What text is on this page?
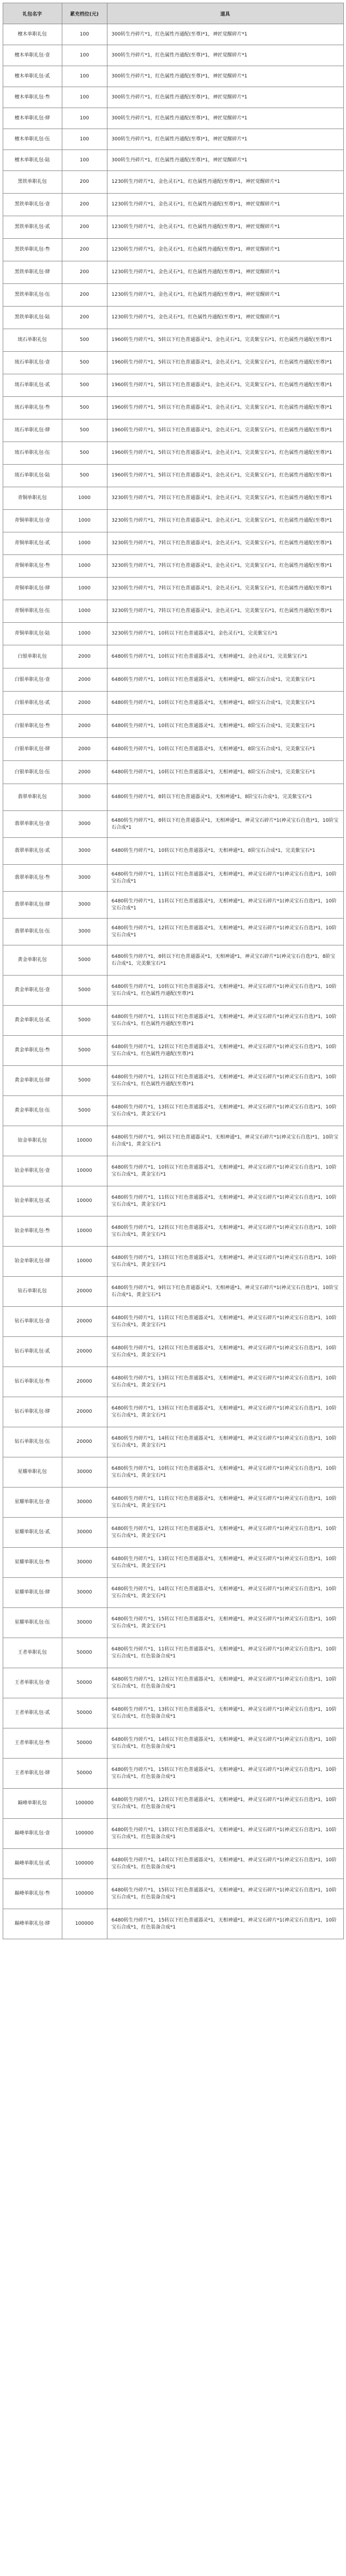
礼包名字	累充档位(元)	道具
檀木单职礼包	100	300转生丹碎片*1，红色属性丹通配(至尊)*1，神匠觉醒碎片*1
檀木单职礼包·壹	100	300转生丹碎片*1，红色属性丹通配(至尊)*1，神匠觉醒碎片*1
檀木单职礼包·贰	100	300转生丹碎片*1，红色属性丹通配(至尊)*1，神匠觉醒碎片*1
檀木单职礼包·叁	100	300转生丹碎片*1，红色属性丹通配(至尊)*1，神匠觉醒碎片*1
檀木单职礼包·肆	100	300转生丹碎片*1，红色属性丹通配(至尊)*1，神匠觉醒碎片*1
檀木单职礼包·伍	100	300转生丹碎片*1，红色属性丹通配(至尊)*1，神匠觉醒碎片*1
檀木单职礼包·陆	100	300转生丹碎片*1，红色属性丹通配(至尊)*1，神匠觉醒碎片*1
黑铁单职礼包	200	1230转生丹碎片*1，金色灵石*1，红色属性丹通配(至尊)*1，神匠觉醒碎片*1
黑铁单职礼包·壹	200	1230转生丹碎片*1，金色灵石*1，红色属性丹通配(至尊)*1，神匠觉醒碎片*1
黑铁单职礼包·贰	200	1230转生丹碎片*1，金色灵石*1，红色属性丹通配(至尊)*1，神匠觉醒碎片*1
黑铁单职礼包·叁	200	1230转生丹碎片*1，金色灵石*1，红色属性丹通配(至尊)*1，神匠觉醒碎片*1
黑铁单职礼包·肆	200	1230转生丹碎片*1，金色灵石*1，红色属性丹通配(至尊)*1，神匠觉醒碎片*1
黑铁单职礼包·伍	200	1230转生丹碎片*1，金色灵石*1，红色属性丹通配(至尊)*1，神匠觉醒碎片*1
黑铁单职礼包·陆	200	1230转生丹碎片*1，金色灵石*1，红色属性丹通配(至尊)*1，神匠觉醒碎片*1
琉石单职礼包	500	1960转生丹碎片*1，5转以下红色普通器灵*1，金色灵石*1，完美紫宝石*1，红色属性丹通配(至尊)*1
琉石单职礼包·壹	500	1960转生丹碎片*1，5转以下红色普通器灵*1，金色灵石*1，完美紫宝石*1，红色属性丹通配(至尊)*1
琉石单职礼包·贰	500	1960转生丹碎片*1，5转以下红色普通器灵*1，金色灵石*1，完美紫宝石*1，红色属性丹通配(至尊)*1
琉石单职礼包·叁	500	1960转生丹碎片*1，5转以下红色普通器灵*1，金色灵石*1，完美紫宝石*1，红色属性丹通配(至尊)*1
琉石单职礼包·肆	500	1960转生丹碎片*1，5转以下红色普通器灵*1，金色灵石*1，完美紫宝石*1，红色属性丹通配(至尊)*1
琉石单职礼包·伍	500	1960转生丹碎片*1，5转以下红色普通器灵*1，金色灵石*1，完美紫宝石*1，红色属性丹通配(至尊)*1
琉石单职礼包·陆	500	1960转生丹碎片*1，5转以下红色普通器灵*1，金色灵石*1，完美紫宝石*1，红色属性丹通配(至尊)*1
青铜单职礼包	1000	3230转生丹碎片*1，7转以下红色普通器灵*1，金色灵石*1，完美紫宝石*1，红色属性丹通配(至尊)*1
青铜单职礼包·壹	1000	3230转生丹碎片*1，7转以下红色普通器灵*1，金色灵石*1，完美紫宝石*1，红色属性丹通配(至尊)*1
青铜单职礼包·贰	1000	3230转生丹碎片*1，7转以下红色普通器灵*1，金色灵石*1，完美紫宝石*1，红色属性丹通配(至尊)*1
青铜单职礼包·叁	1000	3230转生丹碎片*1，7转以下红色普通器灵*1，金色灵石*1，完美紫宝石*1，红色属性丹通配(至尊)*1
青铜单职礼包·肆	1000	3230转生丹碎片*1，7转以下红色普通器灵*1，金色灵石*1，完美紫宝石*1，红色属性丹通配(至尊)*1
青铜单职礼包·伍	1000	3230转生丹碎片*1，7转以下红色普通器灵*1，金色灵石*1，完美紫宝石*1，红色属性丹通配(至尊)*1
青铜单职礼包·陆	1000	3230转生丹碎片*1，10转以下红色普通器灵*1，金色灵石*1，完美紫宝石*1
白银单职礼包	2000	6480转生丹碎片*1，10转以下红色普通器灵*1，无相神通*1，金色灵石*1，完美紫宝石*1
白银单职礼包·壹	2000	6480转生丹碎片*1，10转以下红色普通器灵*1，无相神通*1，8阶宝石合成*1，完美紫宝石*1
白银单职礼包·贰	2000	6480转生丹碎片*1，10转以下红色普通器灵*1，无相神通*1，8阶宝石合成*1，完美紫宝石*1
白银单职礼包·叁	2000	6480转生丹碎片*1，10转以下红色普通器灵*1，无相神通*1，8阶宝石合成*1，完美紫宝石*1
白银单职礼包·肆	2000	6480转生丹碎片*1，10转以下红色普通器灵*1，无相神通*1，8阶宝石合成*1，完美紫宝石*1
白银单职礼包·伍	2000	6480转生丹碎片*1，10转以下红色普通器灵*1，无相神通*1，8阶宝石合成*1，完美紫宝石*1
翡翠单职礼包	3000	6480转生丹碎片*1，8转以下红色普通器灵*1，无相神通*1，8阶宝石合成*1，完美紫宝石*1
翡翠单职礼包·壹	3000	6480转生丹碎片*1，8转以下红色普通器灵*1，无相神通*1，神灵宝石碎片*1(神灵宝石自选)*1，10阶宝石合成*1
翡翠单职礼包·贰	3000	6480转生丹碎片*1，10转以下红色普通器灵*1，无相神通*1，8阶宝石合成*1，完美紫宝石*1
翡翠单职礼包·叁	3000	6480转生丹碎片*1，11转以下红色普通器灵*1，无相神通*1，神灵宝石碎片*1(神灵宝石自选)*1，10阶宝石合成*1
翡翠单职礼包·肆	3000	6480转生丹碎片*1，11转以下红色普通器灵*1，无相神通*1，神灵宝石碎片*1(神灵宝石自选)*1，10阶宝石合成*1
翡翠单职礼包·伍	3000	6480转生丹碎片*1，12转以下红色普通器灵*1，无相神通*1，神灵宝石碎片*1(神灵宝石自选)*1，10阶宝石合成*1
黄金单职礼包	5000	6480转生丹碎片*1，8转以下红色普通器灵*1，无相神通*1，神灵宝石碎片*1(神灵宝石自选)*1，8阶宝石合成*1，完美紫宝石*1
黄金单职礼包·壹	5000	6480转生丹碎片*1，10转以下红色普通器灵*1，无相神通*1，神灵宝石碎片*1(神灵宝石自选)*1，10阶宝石合成*1，红色属性丹通配(至尊)*1
黄金单职礼包·贰	5000	6480转生丹碎片*1，11转以下红色普通器灵*1，无相神通*1，神灵宝石碎片*1(神灵宝石自选)*1，10阶宝石合成*1，红色属性丹通配(至尊)*1
黄金单职礼包·叁	5000	6480转生丹碎片*1，12转以下红色普通器灵*1，无相神通*1，神灵宝石碎片*1(神灵宝石自选)*1，10阶宝石合成*1，红色属性丹通配(至尊)*1
黄金单职礼包·肆	5000	6480转生丹碎片*1，12转以下红色普通器灵*1，无相神通*1，神灵宝石碎片*1(神灵宝石自选)*1，10阶宝石合成*1，红色属性丹通配(至尊)*1
黄金单职礼包·伍	5000	6480转生丹碎片*1，13转以下红色普通器灵*1，无相神通*1，神灵宝石碎片*1(神灵宝石自选)*1，10阶宝石合成*1，黄金宝石*1
铂金单职礼包	10000	6480转生丹碎片*1，9转以下红色普通器灵*1，无相神通*1，神灵宝石碎片*1(神灵宝石自选)*1，10阶宝石合成*1，黄金宝石*1
铂金单职礼包·壹	10000	6480转生丹碎片*1，10转以下红色普通器灵*1，无相神通*1，神灵宝石碎片*1(神灵宝石自选)*1，10阶宝石合成*1，黄金宝石*1
铂金单职礼包·贰	10000	6480转生丹碎片*1，11转以下红色普通器灵*1，无相神通*1，神灵宝石碎片*1(神灵宝石自选)*1，10阶宝石合成*1，黄金宝石*1
铂金单职礼包·叁	10000	6480转生丹碎片*1，12转以下红色普通器灵*1，无相神通*1，神灵宝石碎片*1(神灵宝石自选)*1，10阶宝石合成*1，黄金宝石*1
铂金单职礼包·肆	10000	6480转生丹碎片*1，13转以下红色普通器灵*1，无相神通*1，神灵宝石碎片*1(神灵宝石自选)*1，10阶宝石合成*1，黄金宝石*1
钻石单职礼包	20000	6480转生丹碎片*1，9转以下红色普通器灵*1，无相神通*1，神灵宝石碎片*1(神灵宝石自选)*1，10阶宝石合成*1，黄金宝石*1
钻石单职礼包·壹	20000	6480转生丹碎片*1，11转以下红色普通器灵*1，无相神通*1，神灵宝石碎片*1(神灵宝石自选)*1，10阶宝石合成*1，黄金宝石*1
钻石单职礼包·贰	20000	6480转生丹碎片*1，12转以下红色普通器灵*1，无相神通*1，神灵宝石碎片*1(神灵宝石自选)*1，10阶宝石合成*1，黄金宝石*1
钻石单职礼包·叁	20000	6480转生丹碎片*1，13转以下红色普通器灵*1，无相神通*1，神灵宝石碎片*1(神灵宝石自选)*1，10阶宝石合成*1，黄金宝石*1
钻石单职礼包·肆	20000	6480转生丹碎片*1，13转以下红色普通器灵*1，无相神通*1，神灵宝石碎片*1(神灵宝石自选)*1，10阶宝石合成*1，黄金宝石*1
钻石单职礼包·伍	20000	6480转生丹碎片*1，14转以下红色普通器灵*1，无相神通*1，神灵宝石碎片*1(神灵宝石自选)*1，10阶宝石合成*1，黄金宝石*1
星耀单职礼包	30000	6480转生丹碎片*1，10转以下红色普通器灵*1，无相神通*1，神灵宝石碎片*1(神灵宝石自选)*1，10阶宝石合成*1，黄金宝石*1
星耀单职礼包·壹	30000	6480转生丹碎片*1，11转以下红色普通器灵*1，无相神通*1，神灵宝石碎片*1(神灵宝石自选)*1，10阶宝石合成*1，黄金宝石*1
星耀单职礼包·贰	30000	6480转生丹碎片*1，12转以下红色普通器灵*1，无相神通*1，神灵宝石碎片*1(神灵宝石自选)*1，10阶宝石合成*1，黄金宝石*1
星耀单职礼包·叁	30000	6480转生丹碎片*1，13转以下红色普通器灵*1，无相神通*1，神灵宝石碎片*1(神灵宝石自选)*1，10阶宝石合成*1，黄金宝石*1
星耀单职礼包·肆	30000	6480转生丹碎片*1，14转以下红色普通器灵*1，无相神通*1，神灵宝石碎片*1(神灵宝石自选)*1，10阶宝石合成*1，黄金宝石*1
星耀单职礼包·伍	30000	6480转生丹碎片*1，15转以下红色普通器灵*1，无相神通*1，神灵宝石碎片*1(神灵宝石自选)*1，10阶宝石合成*1，黄金宝石*1
王者单职礼包	50000	6480转生丹碎片*1，11转以下红色普通器灵*1，无相神通*1，神灵宝石碎片*1(神灵宝石自选)*1，10阶宝石合成*1，红色装备合成*1
王者单职礼包·壹	50000	6480转生丹碎片*1，12转以下红色普通器灵*1，无相神通*1，神灵宝石碎片*1(神灵宝石自选)*1，10阶宝石合成*1，红色装备合成*1
王者单职礼包·贰	50000	6480转生丹碎片*1，13转以下红色普通器灵*1，无相神通*1，神灵宝石碎片*1(神灵宝石自选)*1，10阶宝石合成*1，红色装备合成*1
王者单职礼包·叁	50000	6480转生丹碎片*1，14转以下红色普通器灵*1，无相神通*1，神灵宝石碎片*1(神灵宝石自选)*1，10阶宝石合成*1，红色装备合成*1
王者单职礼包·肆	50000	6480转生丹碎片*1，15转以下红色普通器灵*1，无相神通*1，神灵宝石碎片*1(神灵宝石自选)*1，10阶宝石合成*1，红色装备合成*1
巅峰单职礼包	100000	6480转生丹碎片*1，12转以下红色普通器灵*1，无相神通*1，神灵宝石碎片*1(神灵宝石自选)*1，10阶宝石合成*1，红色装备合成*1
巅峰单职礼包·壹	100000	6480转生丹碎片*1，13转以下红色普通器灵*1，无相神通*1，神灵宝石碎片*1(神灵宝石自选)*1，10阶宝石合成*1，红色装备合成*1
巅峰单职礼包·贰	100000	6480转生丹碎片*1，14转以下红色普通器灵*1，无相神通*1，神灵宝石碎片*1(神灵宝石自选)*1，10阶宝石合成*1，红色装备合成*1
巅峰单职礼包·叁	100000	6480转生丹碎片*1，15转以下红色普通器灵*1，无相神通*1，神灵宝石碎片*1(神灵宝石自选)*1，10阶宝石合成*1，红色装备合成*1
巅峰单职礼包·肆	100000	6480转生丹碎片*1，15转以下红色普通器灵*1，无相神通*1，神灵宝石碎片*1(神灵宝石自选)*1，10阶宝石合成*1，红色装备合成*1
